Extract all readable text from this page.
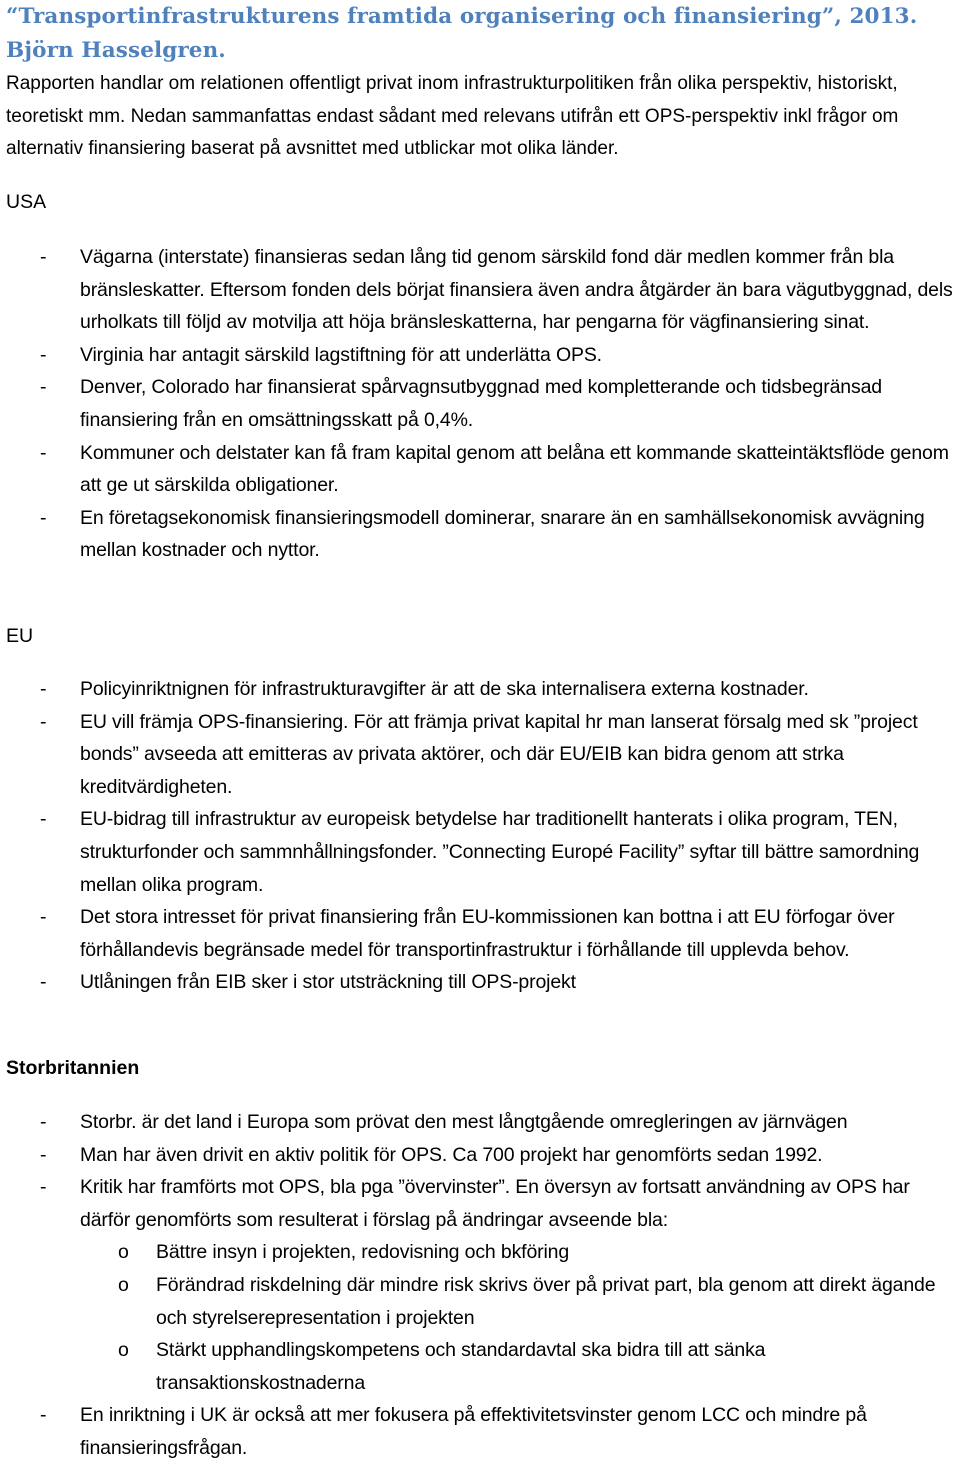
“Transportinfrastrukturens framtida organisering och finansiering”, 2013. Björn Hasselgren.

Rapporten handlar om relationen offentligt privat inom infrastrukturpolitiken från olika perspektiv, historiskt, teoretiskt mm. Nedan sammanfattas endast sådant med relevans utifrån ett OPS-perspektiv inkl frågor om alternativ finansiering baserat på avsnittet med utblickar mot olika länder.

USA

- Vägarna (interstate) finansieras sedan lång tid genom särskild fond där medlen kommer från bla bränsleskatter. Eftersom fonden dels börjat finansiera även andra åtgärder än bara vägutbyggnad, dels urholkats till följd av motvilja att höja bränsleskatterna, har pengarna för vägfinansiering sinat.
- Virginia har antagit särskild lagstiftning för att underlätta OPS.
- Denver, Colorado har finansierat spårvagnsutbyggnad med kompletterande och tidsbegränsad finansiering från en omsättningsskatt på 0,4%.
- Kommuner och delstater kan få fram kapital genom att belåna ett kommande skatteintäktsflöde genom att ge ut särskilda obligationer.
- En företagsekonomisk finansieringsmodell dominerar, snarare än en samhällsekonomisk avvägning mellan kostnader och nyttor.

EU

- Policyinriktnignen för infrastrukturavgifter är att de ska internalisera externa kostnader.
- EU vill främja OPS-finansiering. För att främja privat kapital hr man lanserat försalg med sk ”project bonds” avseeda att emitteras av privata aktörer, och där EU/EIB kan bidra genom att strka kreditvärdigheten.
- EU-bidrag till infrastruktur av europeisk betydelse har traditionellt hanterats i olika program, TEN, strukturfonder och sammnhållningsfonder. ”Connecting Europé Facility” syftar till bättre samordning mellan olika program.
- Det stora intresset för privat finansiering från EU-kommissionen kan bottna i att EU förfogar över förhållandevis begränsade medel för transportinfrastruktur i förhållande till upplevda behov.
- Utlåningen från EIB sker i stor utsträckning till OPS-projekt

Storbritannien

- Storbr. är det land i Europa som prövat den mest långtgående omregleringen av järnvägen
- Man har även drivit en aktiv politik för OPS. Ca 700 projekt har genomförts sedan 1992.
- Kritik har framförts mot OPS, bla pga ”övervinster”. En översyn av fortsatt användning av OPS har därför genomförts som resulterat i förslag på ändringar avseende bla:
o Bättre insyn i projekten, redovisning och bkföring
o Förändrad riskdelning där mindre risk skrivs över på privat part, bla genom att direkt ägande och styrelserepresentation i projekten
o Stärkt upphandlingskompetens och standardavtal ska bidra till att sänka transaktionskostnaderna
- En inriktning i UK är också att mer fokusera på effektivitetsvinster genom LCC och mindre på finansieringsfrågan.
